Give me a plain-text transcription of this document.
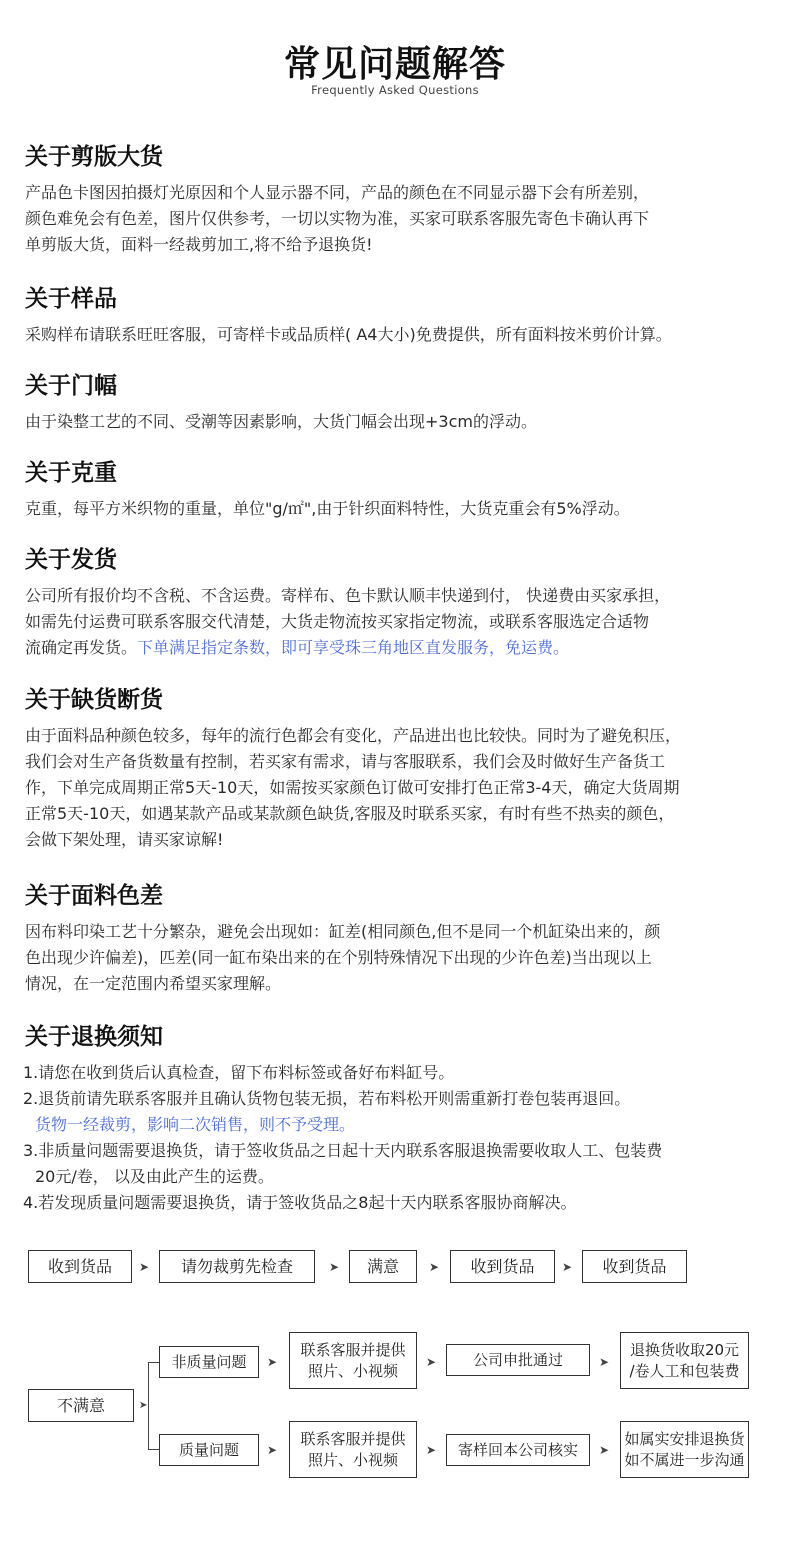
常见问题解答
Frequently Asked Questions
关于剪版大货
产品色卡图因拍摄灯光原因和个人显示器不同，产品的颜色在不同显示器下会有所差别，
颜色难免会有色差，图片仅供参考，一切以实物为准，买家可联系客服先寄色卡确认再下
单剪版大货，面料一经裁剪加工,将不给予退换货!
关于样品
采购样布请联系旺旺客服，可寄样卡或品质样( A4大小)免费提供，所有面料按米剪价计算。
关于门幅
由于染整工艺的不同、受潮等因素影响，大货门幅会出现+3cm的浮动。
关于克重
克重，每平方米织物的重量，单位"g/㎡",由于针织面料特性，大货克重会有5%浮动。
关于发货
公司所有报价均不含税、不含运费。寄样布、色卡默认顺丰快递到付， 快递费由买家承担，
如需先付运费可联系客服交代清楚，大货走物流按买家指定物流，或联系客服选定合适物
流确定再发货。下单满足指定条数，即可享受珠三角地区直发服务，免运费。
关于缺货断货
由于面料品种颜色较多，每年的流行色都会有变化，产品进出也比较快。同时为了避免积压，
我们会对生产备货数量有控制，若买家有需求，请与客服联系，我们会及时做好生产备货工
作，下单完成周期正常5天-10天，如需按买家颜色订做可安排打色正常3-4天，确定大货周期
正常5天-10天，如遇某款产品或某款颜色缺货,客服及时联系买家，有时有些不热卖的颜色，
会做下架处理，请买家谅解!
关于面料色差
因布料印染工艺十分繁杂，避免会出现如：缸差(相同颜色,但不是同一个机缸染出来的，颜
色出现少许偏差)，匹差(同一缸布染出来的在个别特殊情况下出现的少许色差)当出现以上
情况，在一定范围内希望买家理解。
关于退换须知
1.请您在收到货后认真检查，留下布料标签或备好布料缸号。
2.退货前请先联系客服并且确认货物包装无损，若布料松开则需重新打卷包装再退回。
货物一经裁剪，影响二次销售，则不予受理。
3.非质量问题需要退换货，请于签收货品之日起十天内联系客服退换需要收取人工、包装费
20元/卷， 以及由此产生的运费。
4.若发现质量问题需要退换货，请于签收货品之8起十天内联系客服协商解决。
收到货品	➤	请勿裁剪先检查	➤	满意	➤	收到货品	➤	收到货品
不满意	➤
非质量问题	➤
联系客服并提供
照片、小视频 ➤	公司申批通过	➤
退换货收取20元
/卷人工和包装费
质量问题	➤
联系客服并提供
照片、小视频
➤	寄样回本公司核实	➤
如属实安排退换货
如不属进一步沟通
